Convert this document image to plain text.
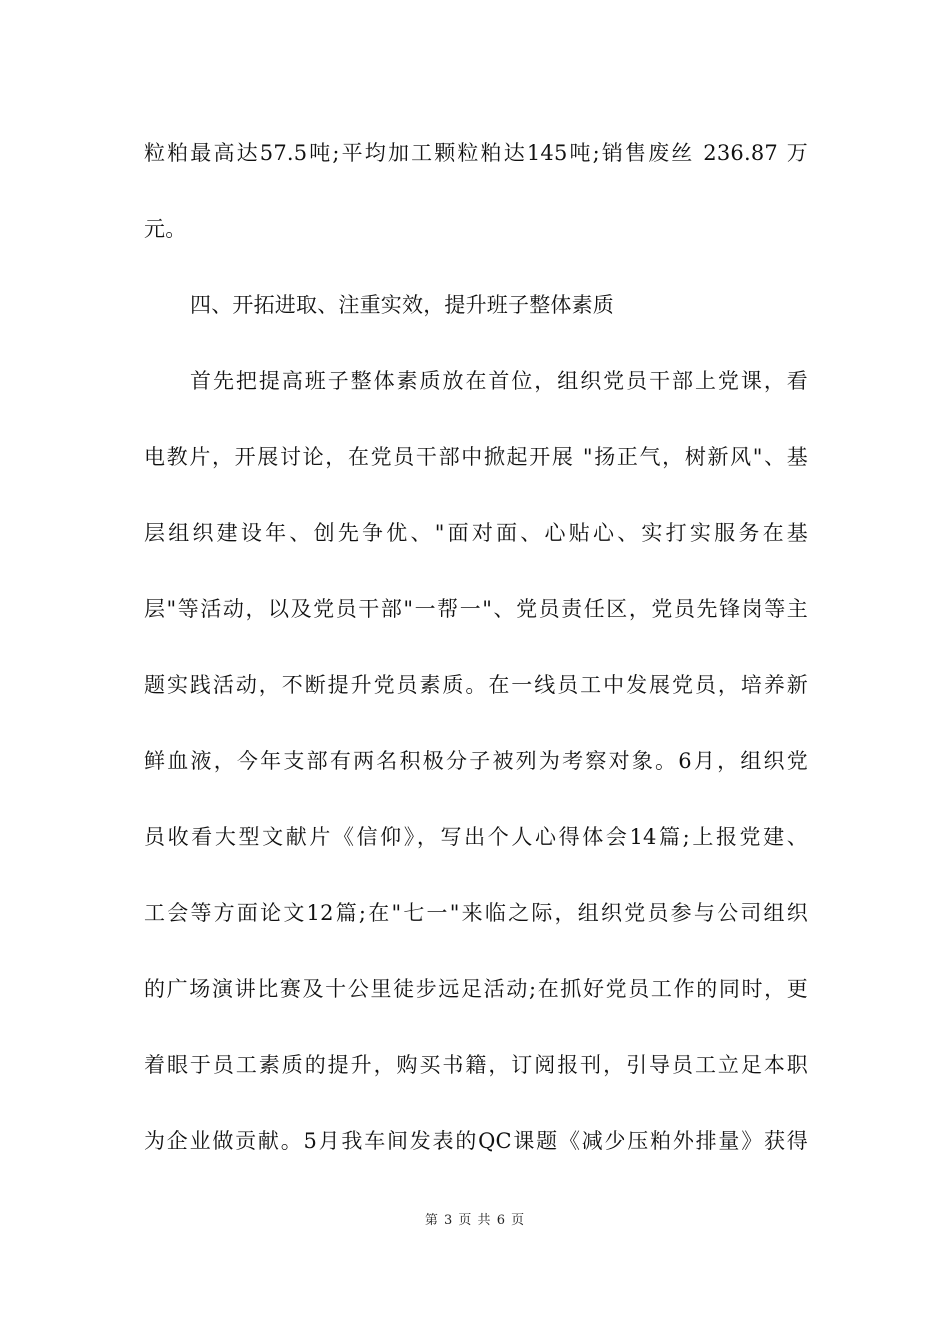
粒粕最高达57.5吨;平均加工颗粒粕达145吨;销售废丝 236.87 万
元。
四、开拓进取、注重实效，提升班子整体素质
首先把提高班子整体素质放在首位，组织党员干部上党课，看
电教片，开展讨论，在党员干部中掀起开展 "扬正气，树新风"、基
层组织建设年、创先争优、"面对面、心贴心、实打实服务在基
层"等活动，以及党员干部"一帮一"、党员责任区，党员先锋岗等主
题实践活动，不断提升党员素质。在一线员工中发展党员，培养新
鲜血液，今年支部有两名积极分子被列为考察对象。6月，组织党
员收看大型文献片《信仰》，写出个人心得体会14篇;上报党建、
工会等方面论文12篇;在"七一"来临之际，组织党员参与公司组织
的广场演讲比赛及十公里徒步远足活动;在抓好党员工作的同时，更
着眼于员工素质的提升，购买书籍，订阅报刊，引导员工立足本职
为企业做贡献。5月我车间发表的QC课题《减少压粕外排量》获得
第 3 页 共 6 页
